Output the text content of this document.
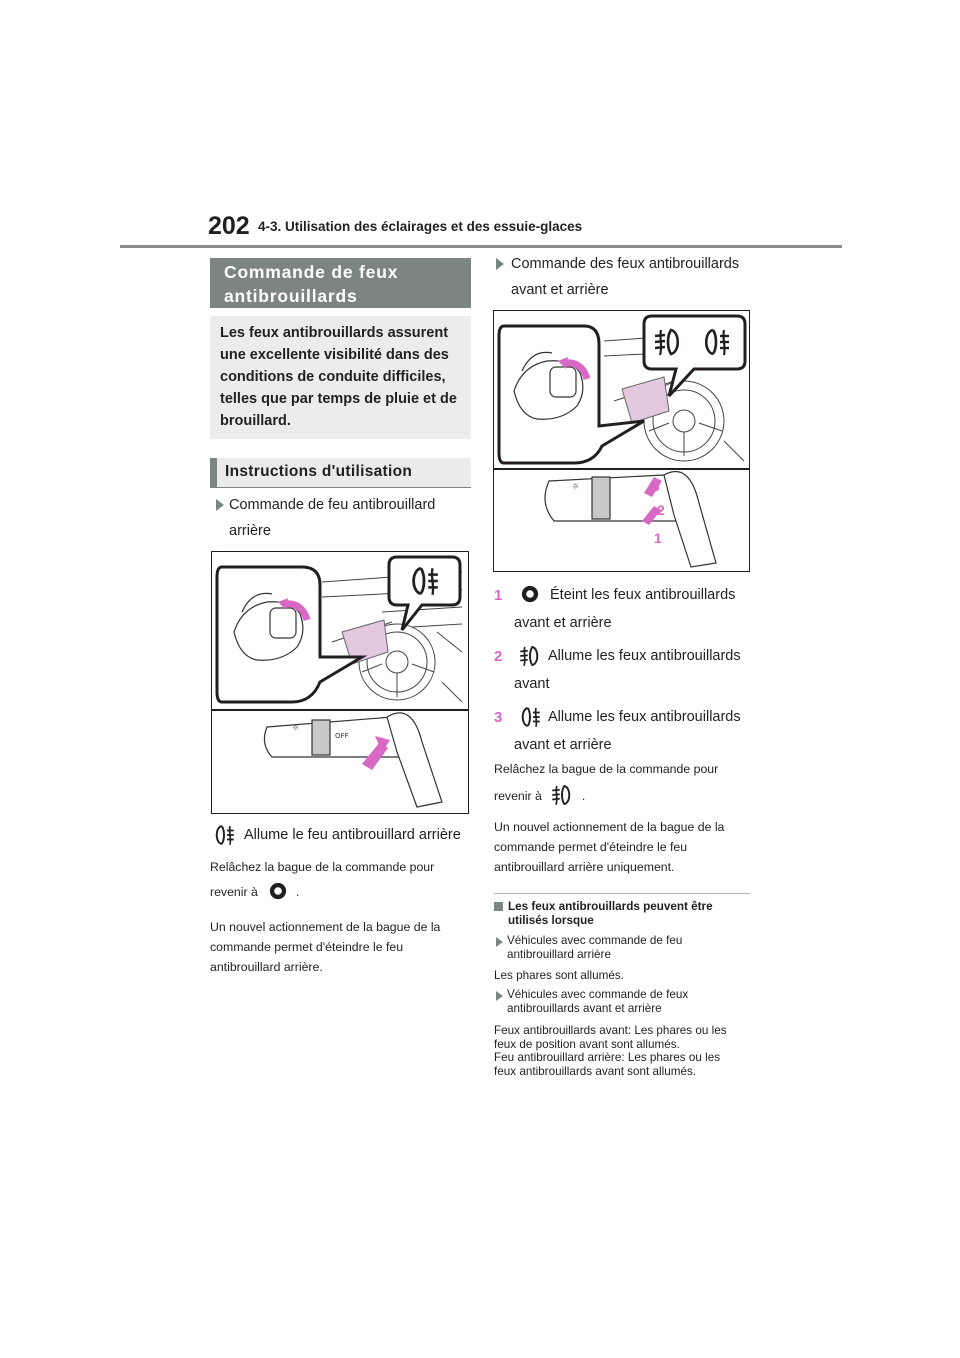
202 4-3. Utilisation des éclairages et des essuie-glaces
Commande de feux
antibrouillards
Les feux antibrouillards assurent
une excellente visibilité dans des
conditions de conduite difficiles,
telles que par temps de pluie et de
brouillard.
Instructions d'utilisation
Commande de feu antibrouillard
arrière
☼
OFF
Allume le feu antibrouillard arrière
Relâchez la bague de la commande pour
revenir à	.
Un nouvel actionnement de la bague de la
commande permet d'éteindre le feu
antibrouillard arrière.
Commande des feux antibrouillards
avant et arrière
☼	3
2
1
1	Éteint les feux antibrouillards
avant et arrière
2	Allume les feux antibrouillards
avant
3	Allume les feux antibrouillards
avant et arrière
Relâchez la bague de la commande pour
revenir à	.
Un nouvel actionnement de la bague de la
commande permet d'éteindre le feu
antibrouillard arrière uniquement.
Les feux antibrouillards peuvent être
utilisés lorsque
Véhicules avec commande de feu
antibrouillard arrière
Les phares sont allumés.
Véhicules avec commande de feux
antibrouillards avant et arrière
Feux antibrouillards avant: Les phares ou les
feux de position avant sont allumés.
Feu antibrouillard arrière: Les phares ou les
feux antibrouillards avant sont allumés.
